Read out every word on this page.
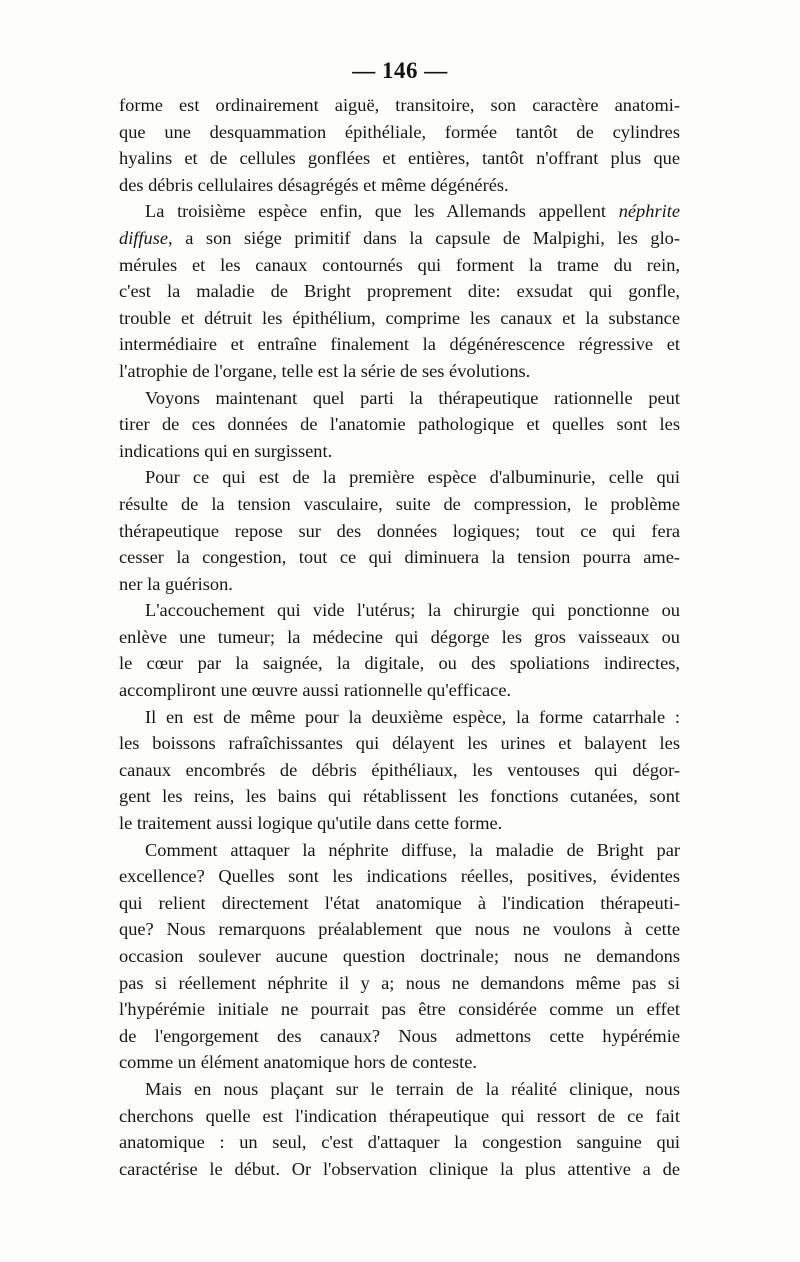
— 146 —
forme est ordinairement aiguë, transitoire, son caractère anatomi-
que une desquammation épithéliale, formée tantôt de cylindres
hyalins et de cellules gonflées et entières, tantôt n'offrant plus que
des débris cellulaires désagrégés et même dégénérés.
La troisième espèce enfin, que les Allemands appellent néphrite
diffuse, a son siége primitif dans la capsule de Malpighi, les glo-
mérules et les canaux contournés qui forment la trame du rein,
c'est la maladie de Bright proprement dite: exsudat qui gonfle,
trouble et détruit les épithélium, comprime les canaux et la substance
intermédiaire et entraîne finalement la dégénérescence régressive et
l'atrophie de l'organe, telle est la série de ses évolutions.
Voyons maintenant quel parti la thérapeutique rationnelle peut
tirer de ces données de l'anatomie pathologique et quelles sont les
indications qui en surgissent.
Pour ce qui est de la première espèce d'albuminurie, celle qui
résulte de la tension vasculaire, suite de compression, le problème
thérapeutique repose sur des données logiques; tout ce qui fera
cesser la congestion, tout ce qui diminuera la tension pourra ame-
ner la guérison.
L'accouchement qui vide l'utérus; la chirurgie qui ponctionne ou
enlève une tumeur; la médecine qui dégorge les gros vaisseaux ou
le cœur par la saignée, la digitale, ou des spoliations indirectes,
accompliront une œuvre aussi rationnelle qu'efficace.
Il en est de même pour la deuxième espèce, la forme catarrhale :
les boissons rafraîchissantes qui délayent les urines et balayent les
canaux encombrés de débris épithéliaux, les ventouses qui dégor-
gent les reins, les bains qui rétablissent les fonctions cutanées, sont
le traitement aussi logique qu'utile dans cette forme.
Comment attaquer la néphrite diffuse, la maladie de Bright par
excellence? Quelles sont les indications réelles, positives, évidentes
qui relient directement l'état anatomique à l'indication thérapeuti-
que? Nous remarquons préalablement que nous ne voulons à cette
occasion soulever aucune question doctrinale; nous ne demandons
pas si réellement néphrite il y a; nous ne demandons même pas si
l'hypérémie initiale ne pourrait pas être considérée comme un effet
de l'engorgement des canaux? Nous admettons cette hypérémie
comme un élément anatomique hors de conteste.
Mais en nous plaçant sur le terrain de la réalité clinique, nous
cherchons quelle est l'indication thérapeutique qui ressort de ce fait
anatomique : un seul, c'est d'attaquer la congestion sanguine qui
caractérise le début. Or l'observation clinique la plus attentive a de
